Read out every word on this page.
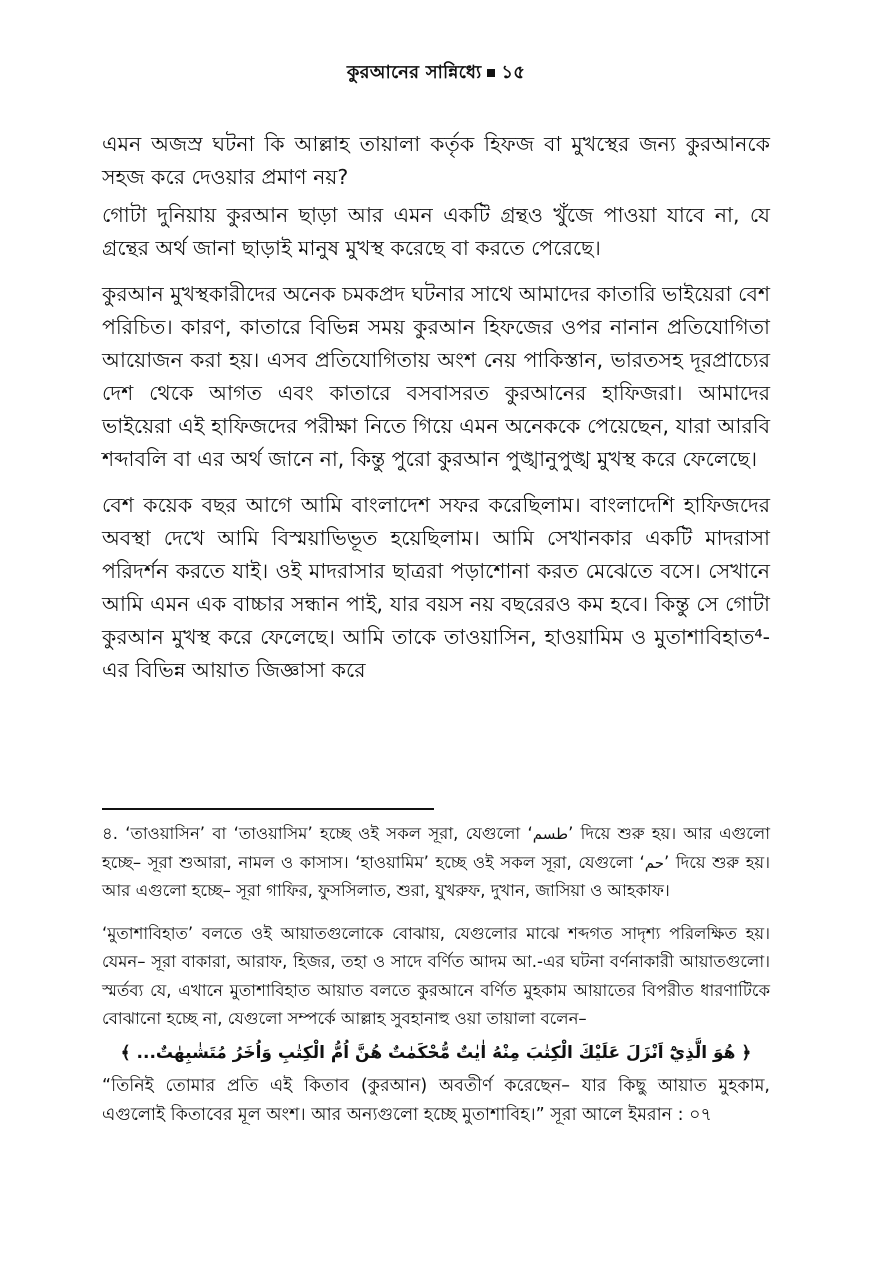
কুরআনের সান্নিধ্যে ১৫

এমন অজস্র ঘটনা কি আল্লাহ তায়ালা কর্তৃক হিফজ বা মুখস্থের জন্য কুরআনকে সহজ করে দেওয়ার প্রমাণ নয়?

গোটা দুনিয়ায় কুরআন ছাড়া আর এমন একটি গ্রন্থও খুঁজে পাওয়া যাবে না, যে গ্রন্থের অর্থ জানা ছাড়াই মানুষ মুখস্থ করেছে বা করতে পেরেছে।

কুরআন মুখস্থকারীদের অনেক চমকপ্রদ ঘটনার সাথে আমাদের কাতারি ভাইয়েরা বেশ পরিচিত। কারণ, কাতারে বিভিন্ন সময় কুরআন হিফজের ওপর নানান প্রতিযোগিতা আয়োজন করা হয়। এসব প্রতিযোগিতায় অংশ নেয় পাকিস্তান, ভারতসহ দূরপ্রাচ্যের দেশ থেকে আগত এবং কাতারে বসবাসরত কুরআনের হাফিজরা। আমাদের ভাইয়েরা এই হাফিজদের পরীক্ষা নিতে গিয়ে এমন অনেককে পেয়েছেন, যারা আরবি শব্দাবলি বা এর অর্থ জানে না, কিন্তু পুরো কুরআন পুঙ্খানুপুঙ্খ মুখস্থ করে ফেলেছে।

বেশ কয়েক বছর আগে আমি বাংলাদেশ সফর করেছিলাম। বাংলাদেশি হাফিজদের অবস্থা দেখে আমি বিস্ময়াভিভূত হয়েছিলাম। আমি সেখানকার একটি মাদরাসা পরিদর্শন করতে যাই। ওই মাদরাসার ছাত্ররা পড়াশোনা করত মেঝেতে বসে। সেখানে আমি এমন এক বাচ্চার সন্ধান পাই, যার বয়স নয় বছরেরও কম হবে। কিন্তু সে গোটা কুরআন মুখস্থ করে ফেলেছে। আমি তাকে তাওয়াসিন, হাওয়ামিম ও মুতাশাবিহাত⁴-এর বিভিন্ন আয়াত জিজ্ঞাসা করে

৪. ‘তাওয়াসিন’ বা ‘তাওয়াসিম’ হচ্ছে ওই সকল সূরা, যেগুলো ‘طسم’ দিয়ে শুরু হয়। আর এগুলো হচ্ছে– সূরা শুআরা, নামল ও কাসাস। ‘হাওয়ামিম’ হচ্ছে ওই সকল সূরা, যেগুলো ‘حم’ দিয়ে শুরু হয়। আর এগুলো হচ্ছে– সূরা গাফির, ফুসসিলাত, শুরা, যুখরুফ, দুখান, জাসিয়া ও আহকাফ।

‘মুতাশাবিহাত’ বলতে ওই আয়াতগুলোকে বোঝায়, যেগুলোর মাঝে শব্দগত সাদৃশ্য পরিলক্ষিত হয়। যেমন– সূরা বাকারা, আরাফ, হিজর, তহা ও সাদে বর্ণিত আদম আ.-এর ঘটনা বর্ণনাকারী আয়াতগুলো। স্মর্তব্য যে, এখানে মুতাশাবিহাত আয়াত বলতে কুরআনে বর্ণিত মুহকাম আয়াতের বিপরীত ধারণাটিকে বোঝানো হচ্ছে না, যেগুলো সম্পর্কে আল্লাহ সুবহানাহু ওয়া তায়ালা বলেন–

﴿ هُوَ الَّذِيْٓ اَنْزَلَ عَلَيْكَ الْكِتٰبَ مِنْهُ اٰيٰتٌ مُّحْكَمٰتٌ هُنَّ اُمُّ الْكِتٰبِ وَاُخَرُ مُتَشٰبِهٰتٌ... ﴾

“তিনিই তোমার প্রতি এই কিতাব (কুরআন) অবতীর্ণ করেছেন– যার কিছু আয়াত মুহকাম, এগুলোই কিতাবের মূল অংশ। আর অন্যগুলো হচ্ছে মুতাশাবিহ।” সূরা আলে ইমরান : ০৭
